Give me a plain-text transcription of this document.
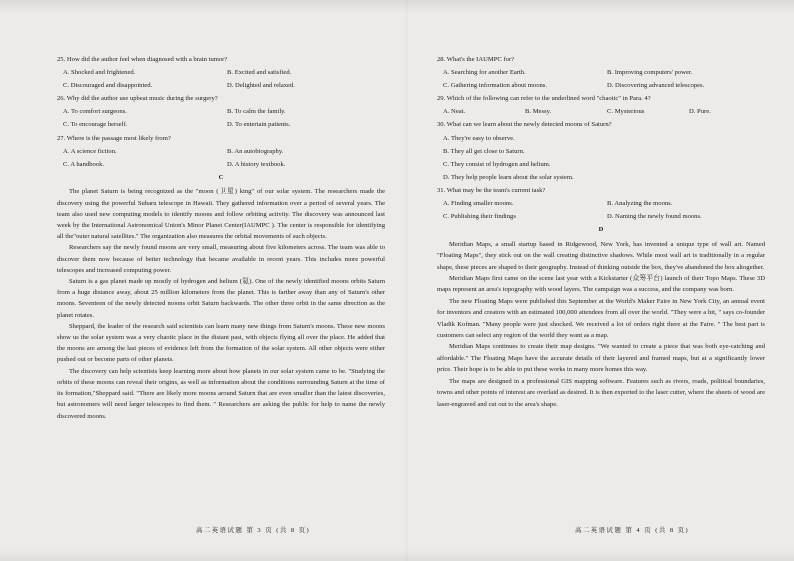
25. How did the author feel when diagnosed with a brain tumor?

A. Shocked and frightened.	B. Excited and satisfied.
C. Discouraged and disappointed.	D. Delighted and relaxed.

26. Why did the author use upbeat music during the surgery?

A. To comfort surgeons.	B. To calm the family.
C. To encourage herself.	D. To entertain patients.

27. Where is the passage most likely from?

A. A science fiction.	B. An autobiography.
C. A handbook.	D. A history textbook.

C

The planet Saturn is being recognized as the "moon (卫星) king" of our solar system. The researchers made the discovery using the powerful Subaru telescope in Hawaii. They gathered information over a period of several years. The team also used new computing models to identify moons and follow orbiting activity. The discovery was announced last week by the International Astronomical Union's Minor Planet Center(IAUMPC ). The center is responsible for identifying all the"outer natural satellites." The organization also measures the orbital movements of such objects.

Researchers say the newly found moons are very small, measuring about five kilometers across. The team was able to discover them now because of better technology that became available in recent years. This includes more powerful telescopes and increased computing power.

Saturn is a gas planet made up mostly of hydrogen and helium (氦). One of the newly identified moons orbits Saturn from a huge distance away, about 25 million kilometers from the planet. This is farther away than any of Saturn's other moons. Seventeen of the newly detected moons orbit Saturn backwards. The other three orbit in the same direction as the planet rotates.

Sheppard, the leader of the research said scientists can learn many new things from Saturn's moons. These new moons show us the solar system was a very chaotic place in the distant past, with objects flying all over the place. He added that the moons are among the last pieces of evidence left from the formation of the solar system. All other objects were either pushed out or become parts of other planets.

The discovery can help scientists keep learning more about how planets in our solar system came to be. "Studying the orbits of these moons can reveal their origins, as well as information about the conditions surrounding Saturn at the time of its formation,"Sheppard said. "There are likely more moons around Saturn that are even smaller than the latest discoveries, but astronomers will need larger telescopes to find them. " Researchers are asking the public for help to name the newly discovered moons.

高二英语试题 第 3 页 (共 8 页)

28. What's the IAUMPC for?

A. Searching for another Earth.	B. Improving computers' power.
C. Gathering information about moons.	D. Discovering advanced telescopes.

29. Which of the following can refer to the underlined word "chaotic" in Para. 4?

A. Neat.	B. Messy.	C. Mysterious	D. Pure.

30. What can we learn about the newly detected moons of Saturn?

A. They're easy to observe.
B. They all get close to Saturn.
C. They consist of hydrogen and helium.
D. They help people learn about the solar system.

31. What may be the team's current task?

A. Finding smaller moons.	B. Analyzing the moons.
C. Publishing their findings	D. Naming the newly found moons.

D

Meridian Maps, a small startup based in Ridgewood, New York, has invented a unique type of wall art. Named "Floating Maps", they stick out on the wall creating distinctive shadows. While most wall art is traditionally in a regular shape, these pieces are shaped to their geography. Instead of thinking outside the box, they've abandoned the box altogether.

Meridian Maps first came on the scene last year with a Kickstarter (众筹平台) launch of their Topo Maps. These 3D maps represent an area's topography with wood layers. The campaign was a success, and the company was born.

The new Floating Maps were published this September at the World's Maker Faire in New York City, an annual event for inventors and creators with an estimated 100,000 attendees from all over the world. "They were a hit, " says co-founder Vladik Kofman. "Many people were just shocked. We received a lot of orders right there at the Faire. " The best part is customers can select any region of the world they want as a map.

Meridian Maps continues to create their map designs. "We wanted to create a piece that was both eye-catching and affordable." The Floating Maps have the accurate details of their layered and framed maps, but at a significantly lower price. Their hope is to be able to put these works in many more homes this way.

The maps are designed in a professional GIS mapping software. Features such as rivers, roads, political boundaries, towns and other points of interest are overlaid as desired. It is then exported to the laser cutter, where the sheets of wood are laser-engraved and cut out to the area's shape.

高二英语试题 第 4 页 (共 8 页)
